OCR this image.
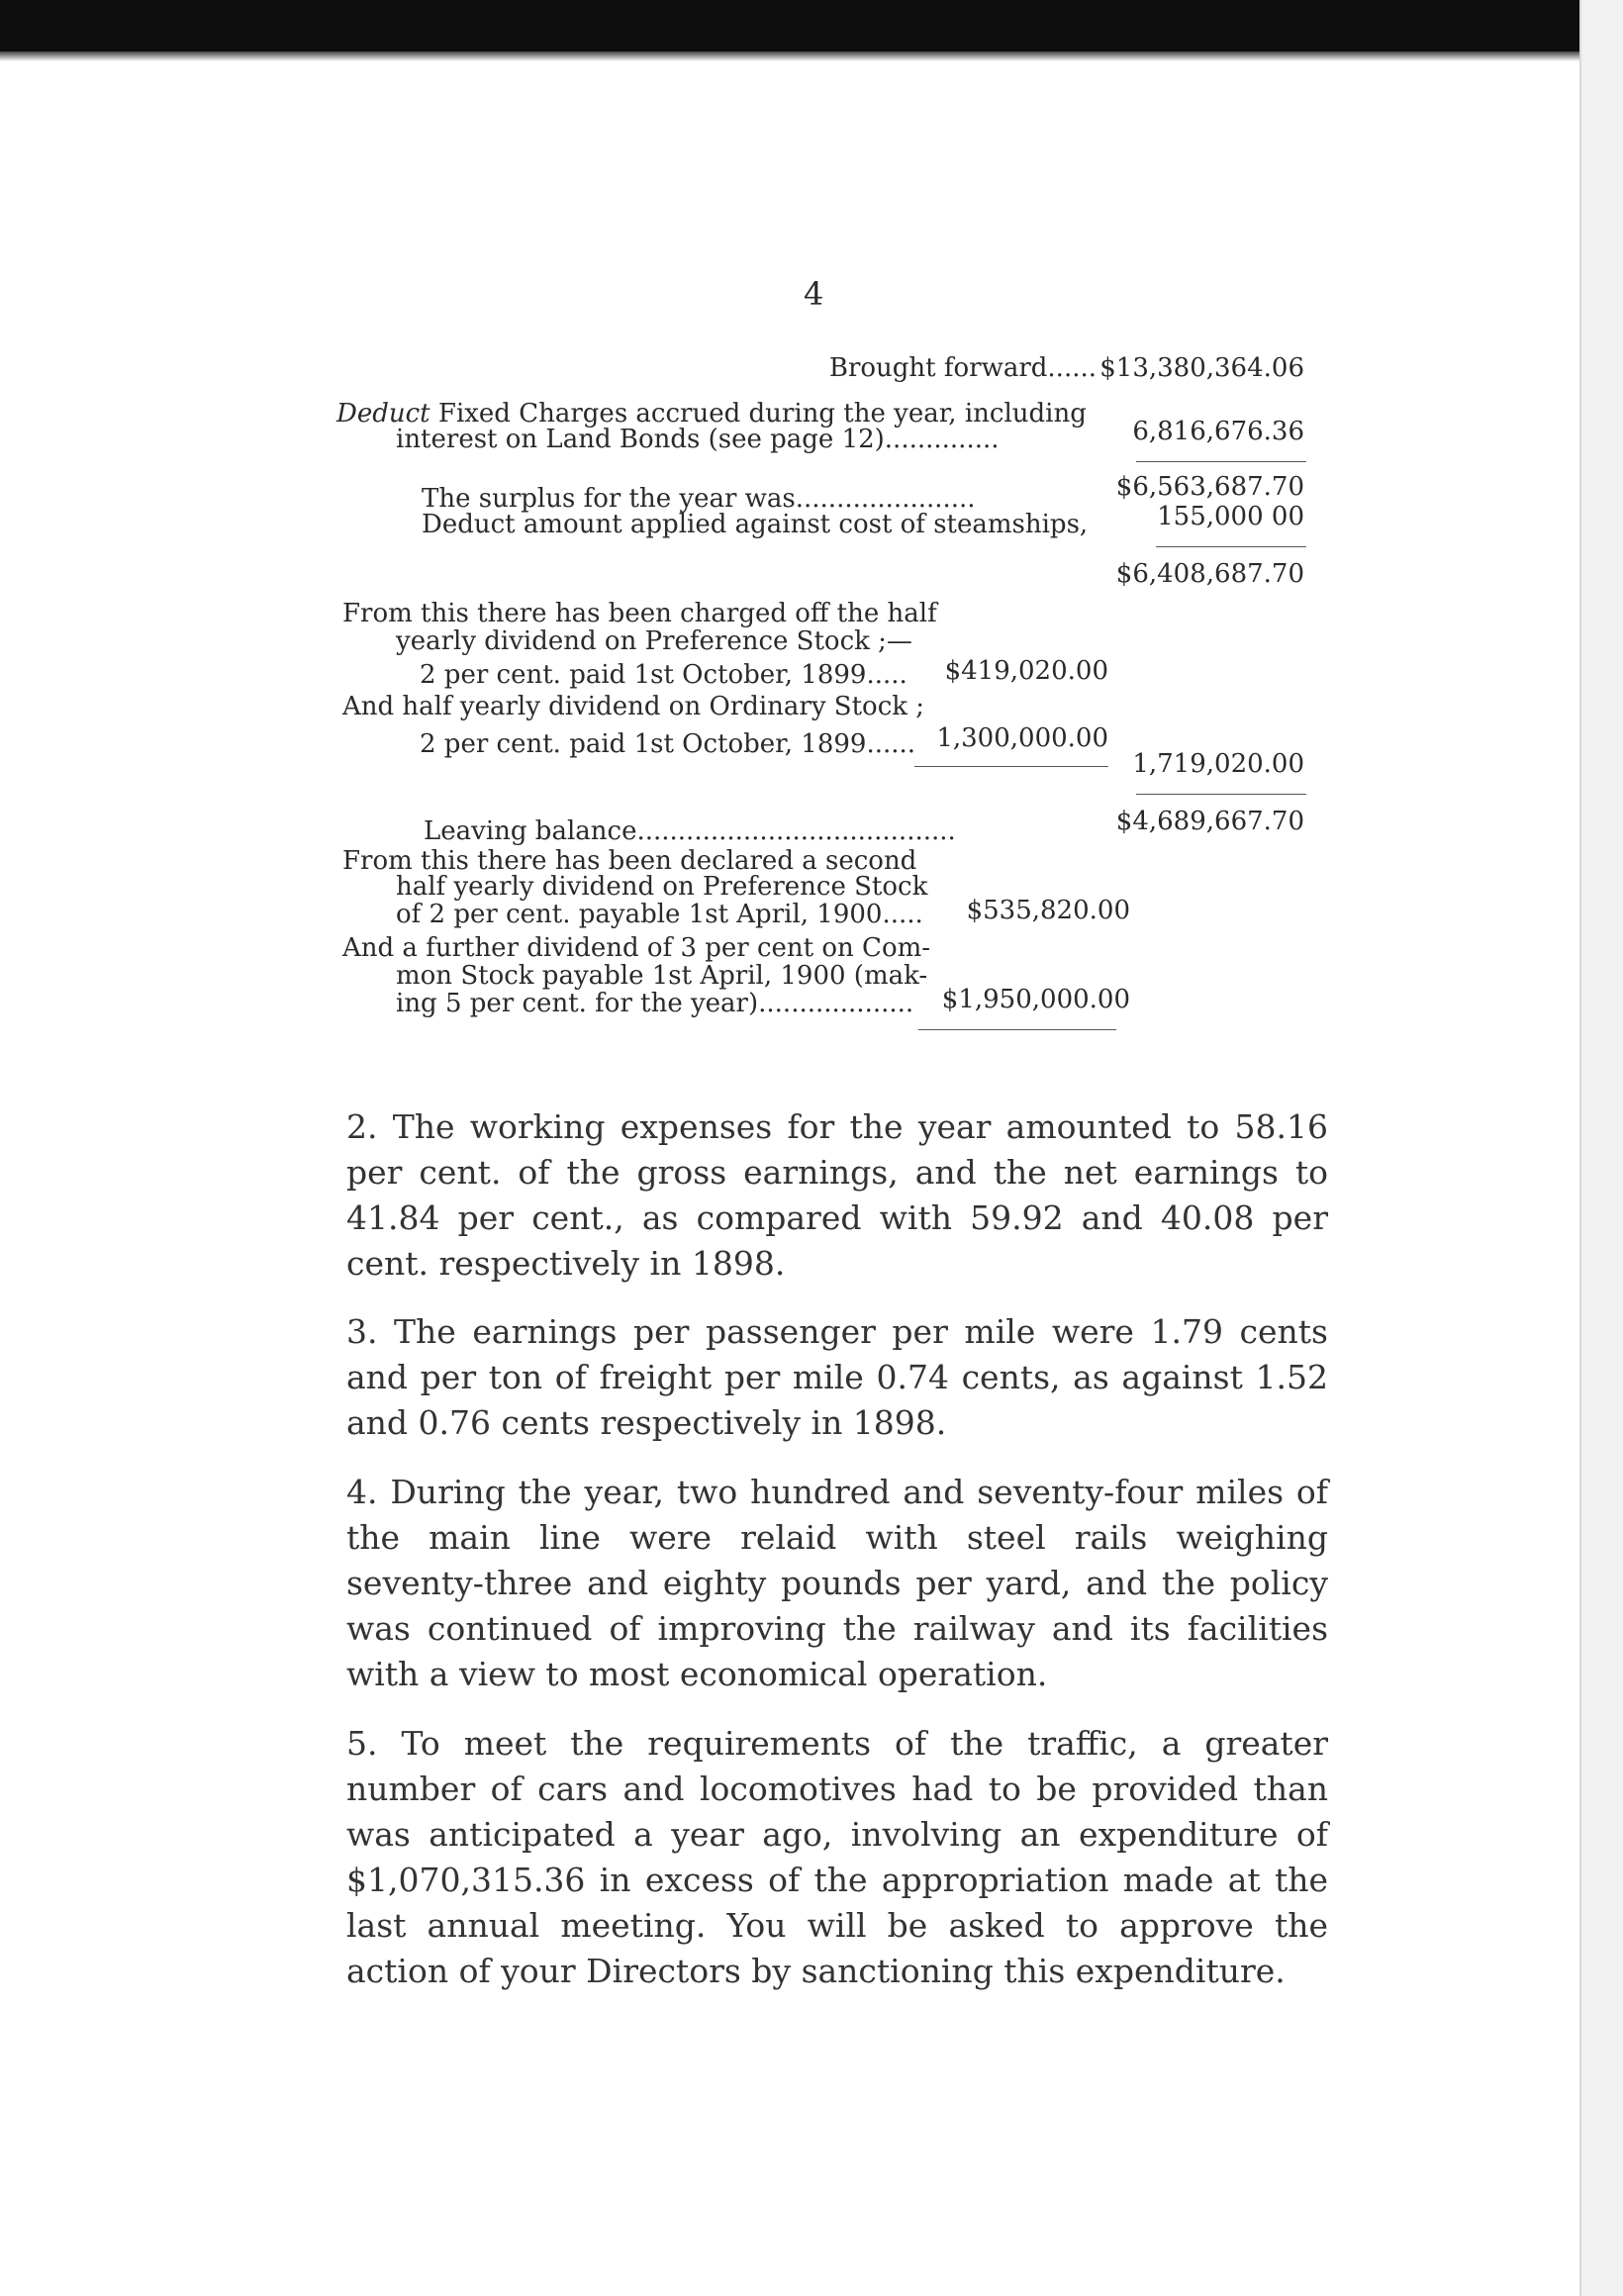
4
Brought forward...... $13,380,364.06
Deduct Fixed Charges accrued during the year, including
interest on Land Bonds (see page 12)..............	6,816,676.36
The surplus for the year was......................	$6,563,687.70
Deduct amount applied against cost of steamships,	155,000 00
$6,408,687.70
From this there has been charged off the half
yearly dividend on Preference Stock ;—
2 per cent. paid 1st October, 1899..... $419,020.00
And half yearly dividend on Ordinary Stock ;
2 per cent. paid 1st October, 1899...... 1,300,000.00
1,719,020.00
Leaving balance.......................................	$4,689,667.70
From this there has been declared a second
half yearly dividend on Preference Stock
of 2 per cent. payable 1st April, 1900..... $535,820.00
And a further dividend of 3 per cent on Com-
mon Stock payable 1st April, 1900 (mak-
ing 5 per cent. for the year)................... $1,950,000.00

2. The working expenses for the year amounted to 58.16 per cent. of the gross earnings, and the net earnings to 41.84 per cent., as compared with 59.92 and 40.08 per cent. respectively in 1898.

3. The earnings per passenger per mile were 1.79 cents and per ton of freight per mile 0.74 cents, as against 1.52 and 0.76 cents respectively in 1898.

4. During the year, two hundred and seventy-four miles of the main line were relaid with steel rails weighing seventy-three and eighty pounds per yard, and the policy was continued of improving the railway and its facilities with a view to most economical operation.

5. To meet the requirements of the traffic, a greater number of cars and locomotives had to be provided than was anticipated a year ago, involving an expenditure of $1,070,315.36 in excess of the appropriation made at the last annual meeting. You will be asked to approve the action of your Directors by sanctioning this expenditure.
